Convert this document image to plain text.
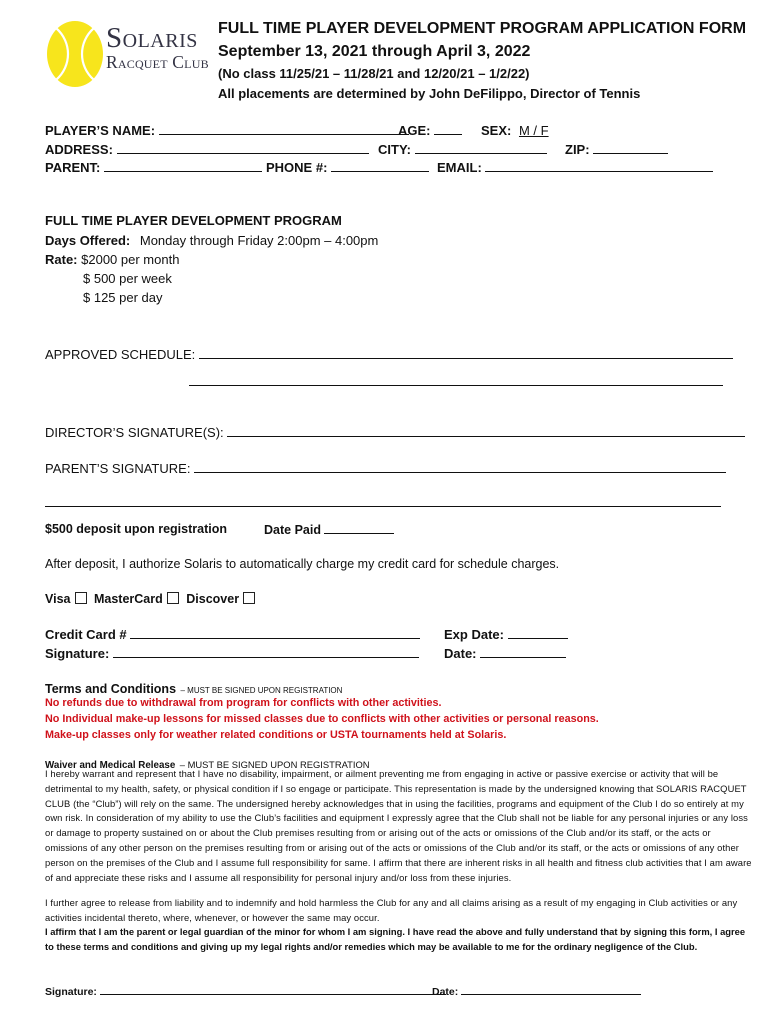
Solaris
Racquet Club
FULL TIME PLAYER DEVELOPMENT PROGRAM APPLICATION FORM
September 13, 2021 through April 3, 2022
(No class 11/25/21 – 11/28/21 and 12/20/21 – 1/2/22)
All placements are determined by John DeFilippo, Director of Tennis
PLAYER’S NAME:	AGE:	SEX: M / F
ADDRESS:	CITY:	ZIP:
PARENT:	PHONE #:	EMAIL:
FULL TIME PLAYER DEVELOPMENT PROGRAM
Days Offered: Monday through Friday 2:00pm – 4:00pm
Rate: $2000 per month
$ 500 per week
$ 125 per day
APPROVED SCHEDULE:
DIRECTOR’S SIGNATURE(S):
PARENT’S SIGNATURE:
$500 deposit upon registration	Date Paid
After deposit, I authorize Solaris to automatically charge my credit card for schedule charges.
Visa MasterCard Discover
Credit Card #	Exp Date:
Signature:	Date:
Terms and Conditions – MUST BE SIGNED UPON REGISTRATION
No refunds due to withdrawal from program for conflicts with other activities.
No Individual make-up lessons for missed classes due to conflicts with other activities or personal reasons.
Make-up classes only for weather related conditions or USTA tournaments held at Solaris.
Waiver and Medical Release – MUST BE SIGNED UPON REGISTRATION
I hereby warrant and represent that I have no disability, impairment, or ailment preventing me from engaging in active or passive exercise or activity that will be detrimental to my health, safety, or physical condition if I so engage or participate. This representation is made by the undersigned knowing that SOLARIS RACQUET CLUB (the “Club”) will rely on the same. The undersigned hereby acknowledges that in using the facilities, programs and equipment of the Club I do so entirely at my own risk. In consideration of my ability to use the Club’s facilities and equipment I expressly agree that the Club shall not be liable for any personal injuries or any loss or damage to property sustained on or about the Club premises resulting from or arising out of the acts or omissions of the Club and/or its staff, or the acts or omissions of any other person on the premises resulting from or arising out of the acts or omissions of the Club and/or its staff, or the acts or omissions of any other person on the premises of the Club and I assume full responsibility for same. I affirm that there are inherent risks in all health and fitness club activities that I am aware of and appreciate these risks and I assume all responsibility for personal injury and/or loss from these injuries.
I further agree to release from liability and to indemnify and hold harmless the Club for any and all claims arising as a result of my engaging in Club activities or any activities incidental thereto, where, whenever, or however the same may occur.
I affirm that I am the parent or legal guardian of the minor for whom I am signing. I have read the above and fully understand that by signing this form, I agree to these terms and conditions and giving up my legal rights and/or remedies which may be available to me for the ordinary negligence of the Club.
Signature:	Date:
